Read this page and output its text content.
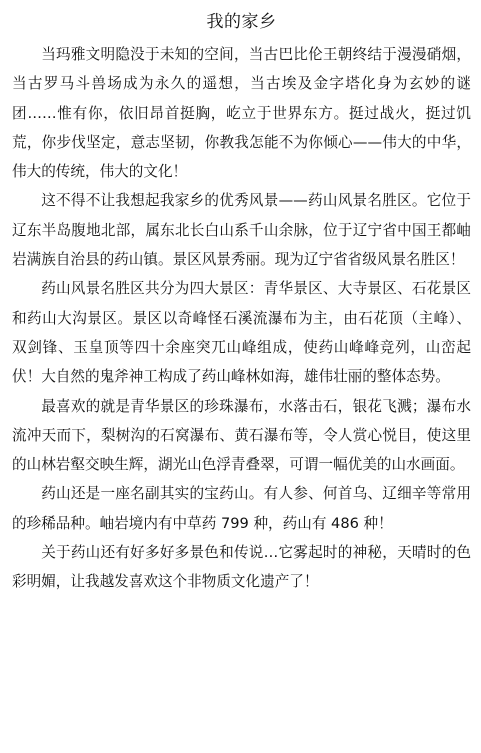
我的家乡

当玛雅文明隐没于未知的空间，当古巴比伦王朝终结于漫漫硝烟，当古罗马斗兽场成为永久的遥想，当古埃及金字塔化身为玄妙的谜团……惟有你，依旧昂首挺胸，屹立于世界东方。挺过战火，挺过饥荒，你步伐坚定，意志坚韧，你教我怎能不为你倾心——伟大的中华，伟大的传统，伟大的文化！

这不得不让我想起我家乡的优秀风景——药山风景名胜区。它位于辽东半岛腹地北部，属东北长白山系千山余脉，位于辽宁省中国王都岫岩满族自治县的药山镇。景区风景秀丽。现为辽宁省省级风景名胜区！

药山风景名胜区共分为四大景区：青华景区、大寺景区、石花景区和药山大沟景区。景区以奇峰怪石溪流瀑布为主，由石花顶（主峰）、双剑锋、玉皇顶等四十余座突兀山峰组成，使药山峰峰竞列，山峦起伏！大自然的鬼斧神工构成了药山峰林如海，雄伟壮丽的整体态势。

最喜欢的就是青华景区的珍珠瀑布，水落击石，银花飞溅；瀑布水流冲天而下，梨树沟的石窝瀑布、黄石瀑布等，令人赏心悦目，使这里的山林岩壑交映生辉，湖光山色浮青叠翠，可谓一幅优美的山水画面。

药山还是一座名副其实的宝药山。有人参、何首乌、辽细辛等常用的珍稀品种。岫岩境内有中草药 799 种，药山有 486 种！

关于药山还有好多好多景色和传说…它雾起时的神秘，天晴时的色彩明媚，让我越发喜欢这个非物质文化遗产了！
